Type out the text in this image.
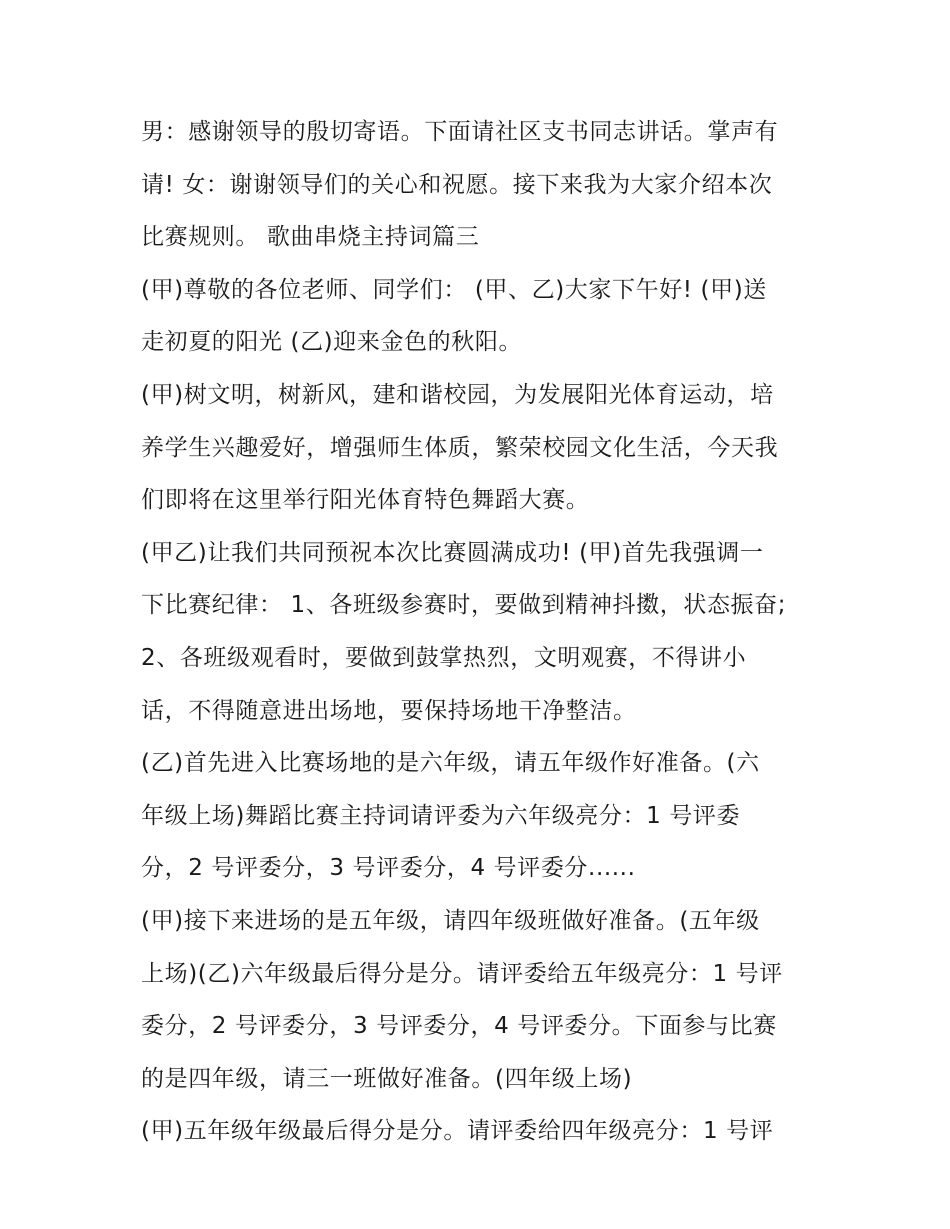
男：感谢领导的殷切寄语。下面请社区支书同志讲话。掌声有
请! 女：谢谢领导们的关心和祝愿。接下来我为大家介绍本次
比赛规则。 歌曲串烧主持词篇三
(甲)尊敬的各位老师、同学们： (甲、乙)大家下午好! (甲)送
走初夏的阳光 (乙)迎来金色的秋阳。
(甲)树文明，树新风，建和谐校园，为发展阳光体育运动，培
养学生兴趣爱好，增强师生体质，繁荣校园文化生活，今天我
们即将在这里举行阳光体育特色舞蹈大赛。
(甲乙)让我们共同预祝本次比赛圆满成功! (甲)首先我强调一
下比赛纪律： 1、各班级参赛时，要做到精神抖擞，状态振奋;
2、各班级观看时，要做到鼓掌热烈，文明观赛，不得讲小
话，不得随意进出场地，要保持场地干净整洁。
(乙)首先进入比赛场地的是六年级，请五年级作好准备。(六
年级上场)舞蹈比赛主持词请评委为六年级亮分：1 号评委
分，2 号评委分，3 号评委分，4 号评委分......
(甲)接下来进场的是五年级，请四年级班做好准备。(五年级
上场)(乙)六年级最后得分是分。请评委给五年级亮分：1 号评
委分，2 号评委分，3 号评委分，4 号评委分。下面参与比赛
的是四年级，请三一班做好准备。(四年级上场)
(甲)五年级年级最后得分是分。请评委给四年级亮分：1 号评
